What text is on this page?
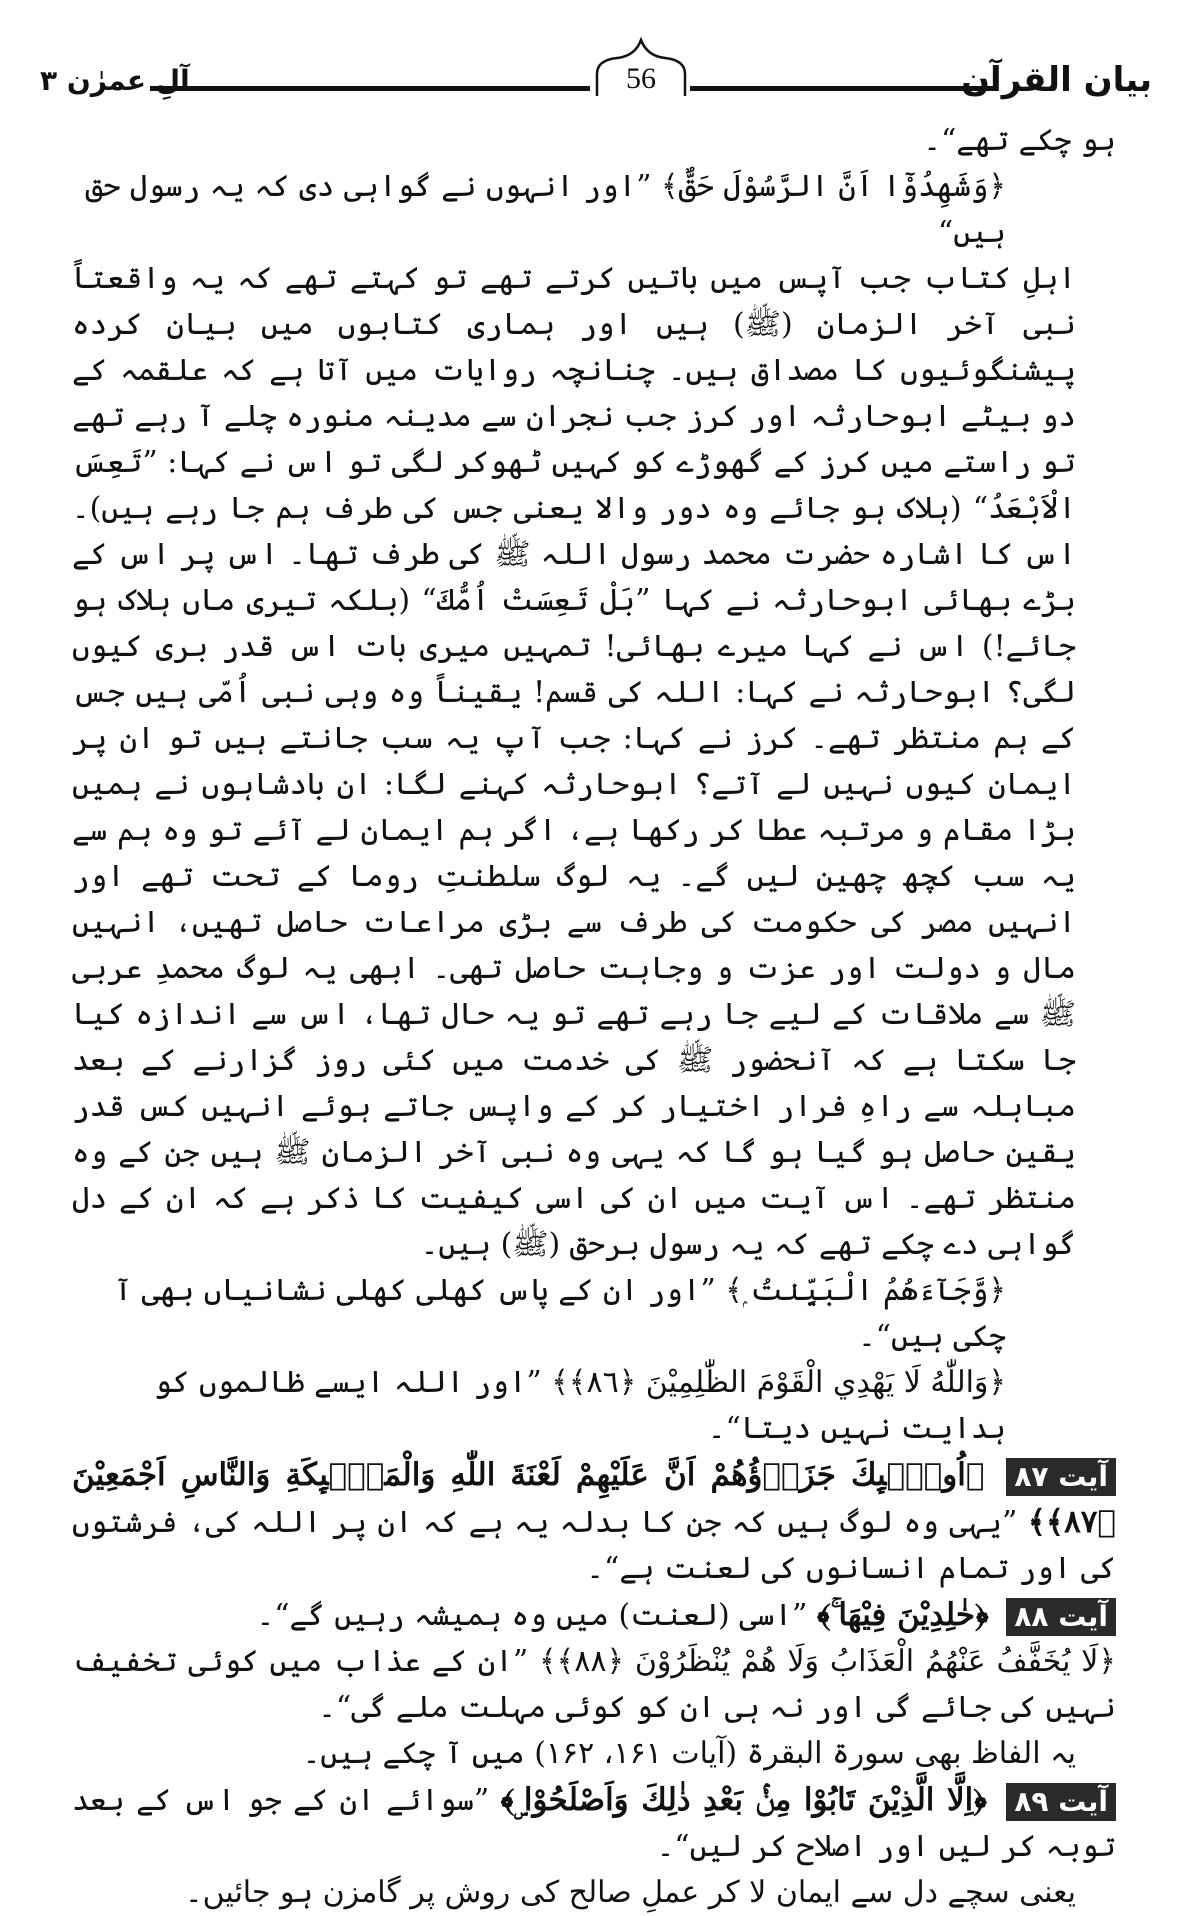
بیان القرآن
آلِ عمرٰن ۳	56

ہو چکے تھے“۔

﴿وَشَهِدُوْٓا اَنَّ الرَّسُوْلَ حَقٌّ﴾ ”اور انہوں نے گواہی دی کہ یہ رسول حق ہیں“

اہلِ کتاب جب آپس میں باتیں کرتے تھے تو کہتے تھے کہ یہ واقعتاً نبی آخر الزمان (ﷺ) ہیں اور ہماری کتابوں میں بیان کردہ پیشنگوئیوں کا مصداق ہیں۔ چنانچہ روایات میں آتا ہے کہ علقمہ کے دو بیٹے ابوحارثہ اور کرز جب نجران سے مدینہ منورہ چلے آ رہے تھے تو راستے میں کرز کے گھوڑے کو کہیں ٹھوکر لگی تو اس نے کہا: ”تَعِسَ الْاَبْعَدُ“ (ہلاک ہو جائے وہ دور والا یعنی جس کی طرف ہم جا رہے ہیں)۔ اس کا اشارہ حضرت محمد رسول اللہ ﷺ کی طرف تھا۔ اس پر اس کے بڑے بھائی ابوحارثہ نے کہا ”بَلْ تَعِسَتْ اُمُّكَ“ (بلکہ تیری ماں ہلاک ہو جائے!) اس نے کہا میرے بھائی! تمہیں میری بات اس قدر بری کیوں لگی؟ ابوحارثہ نے کہا: اللہ کی قسم! یقیناً وہ وہی نبی اُمّی ہیں جس کے ہم منتظر تھے۔ کرز نے کہا: جب آپ یہ سب جانتے ہیں تو ان پر ایمان کیوں نہیں لے آتے؟ ابوحارثہ کہنے لگا: ان بادشاہوں نے ہمیں بڑا مقام و مرتبہ عطا کر رکھا ہے، اگر ہم ایمان لے آئے تو وہ ہم سے یہ سب کچھ چھین لیں گے۔ یہ لوگ سلطنتِ روما کے تحت تھے اور انہیں مصر کی حکومت کی طرف سے بڑی مراعات حاصل تھیں، انہیں مال و دولت اور عزت و وجاہت حاصل تھی۔ ابھی یہ لوگ محمدِ عربی ﷺ سے ملاقات کے لیے جا رہے تھے تو یہ حال تھا، اس سے اندازہ کیا جا سکتا ہے کہ آنحضور ﷺ کی خدمت میں کئی روز گزارنے کے بعد مباہلہ سے راہِ فرار اختیار کر کے واپس جاتے ہوئے انہیں کس قدر یقین حاصل ہو گیا ہو گا کہ یہی وہ نبی آخر الزمان ﷺ ہیں جن کے وہ منتظر تھے۔ اس آیت میں ان کی اسی کیفیت کا ذکر ہے کہ ان کے دل گواہی دے چکے تھے کہ یہ رسول برحق (ﷺ) ہیں۔

﴿وَّجَآءَهُمُ الْبَيِّنٰتُ ۭ﴾ ”اور ان کے پاس کھلی کھلی نشانیاں بھی آ چکی ہیں“۔

﴿وَاللّٰهُ لَا يَهْدِي الْقَوْمَ الظّٰلِمِيْنَ ﴿٨٦﴾﴾ ”اور اللہ ایسے ظالموں کو ہدایت نہیں دیتا“۔

آیت ۸۷ ﴿اُولٰۗىِٕكَ جَزَاۗؤُهُمْ اَنَّ عَلَيْهِمْ لَعْنَةَ اللّٰهِ وَالْمَلٰۗىِٕكَةِ وَالنَّاسِ اَجْمَعِيْنَ ﴿٨٧﴾﴾ ”یہی وہ لوگ ہیں کہ جن کا بدلہ یہ ہے کہ ان پر اللہ کی، فرشتوں کی اور تمام انسانوں کی لعنت ہے“۔

آیت ۸۸ ﴿خٰلِدِيْنَ فِيْهَا ۚ﴾ ”اسی (لعنت) میں وہ ہمیشہ رہیں گے“۔

﴿لَا يُخَفَّفُ عَنْهُمُ الْعَذَابُ وَلَا هُمْ يُنْظَرُوْنَ ﴿٨٨﴾﴾ ”ان کے عذاب میں کوئی تخفیف نہیں کی جائے گی اور نہ ہی ان کو کوئی مہلت ملے گی“۔

یہ الفاظ بھی سورۃ البقرۃ (آیات ۱۶۱، ۱۶۲) میں آ چکے ہیں۔

آیت ۸۹ ﴿اِلَّا الَّذِيْنَ تَابُوْا مِنْۢ بَعْدِ ذٰلِكَ وَاَصْلَحُوْا ۣ﴾ ”سوائے ان کے جو اس کے بعد توبہ کر لیں اور اصلاح کر لیں“۔

یعنی سچے دل سے ایمان لا کر عملِ صالح کی روش پر گامزن ہو جائیں۔
